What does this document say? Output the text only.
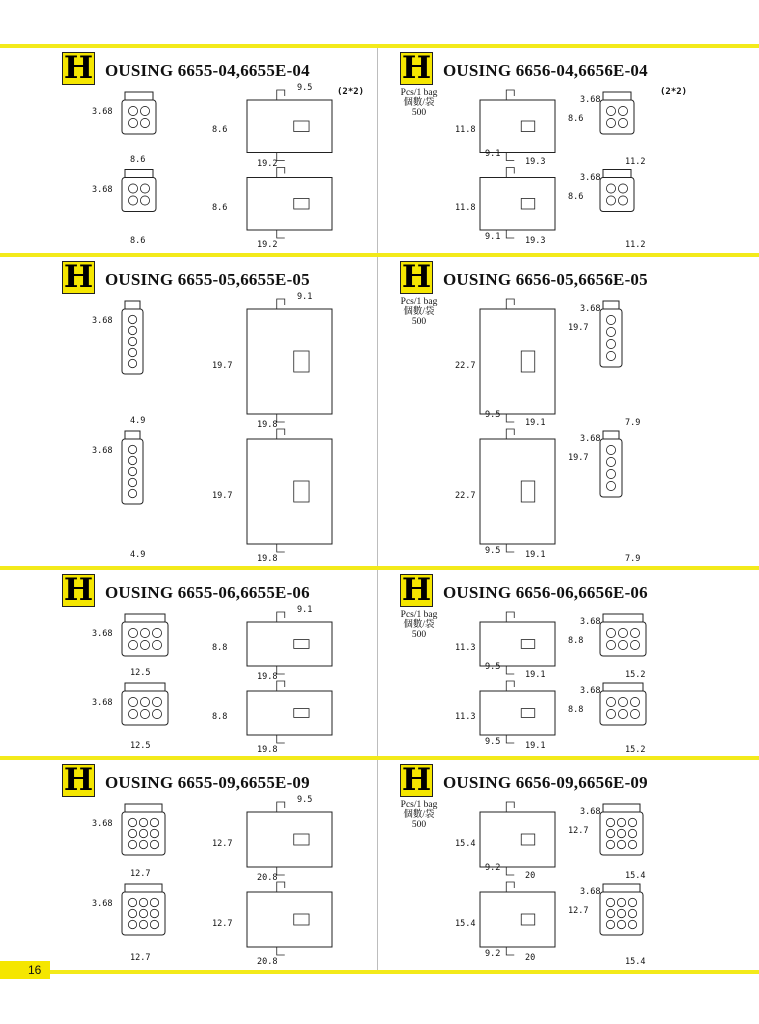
H OUSING 6655-04,6655E-04
(2*2)
3.68
8.6
3.68
8.6
9.5
8.6
19.2
8.6
19.2
H OUSING 6656-04,6656E-04
Pcs/1 bag
個數/袋
500
(2*2)
11.8
9.1
19.3
8.6
11.8
9.1	19.3
8.6
3.68
11.2
3.68
11.2
H OUSING 6655-05,6655E-05
3.68
4.9
3.68
4.9
9.1
19.7
19.8
19.7
19.8
H OUSING 6656-05,6656E-05
Pcs/1 bag
個數/袋
500
22.7
9.5
19.1
19.7
22.7
9.5	19.1
19.7
3.68
7.9
3.68
7.9
H OUSING 6655-06,6655E-06
3.68
12.5
3.68
12.5
9.1
8.8
19.8
8.8
19.8
H OUSING 6656-06,6656E-06
Pcs/1 bag
個數/袋
500
11.3
9.5
19.1
8.8
11.3
9.5	19.1
8.8
3.68
15.2
3.68
15.2
H OUSING 6655-09,6655E-09
3.68
12.7
3.68
12.7
9.5
12.7
20.8
12.7
20.8
H OUSING 6656-09,6656E-09
Pcs/1 bag
個數/袋
500
15.4
9.2
20
12.7
15.4
9.2	20
12.7
3.68
15.4
3.68
15.4
16
